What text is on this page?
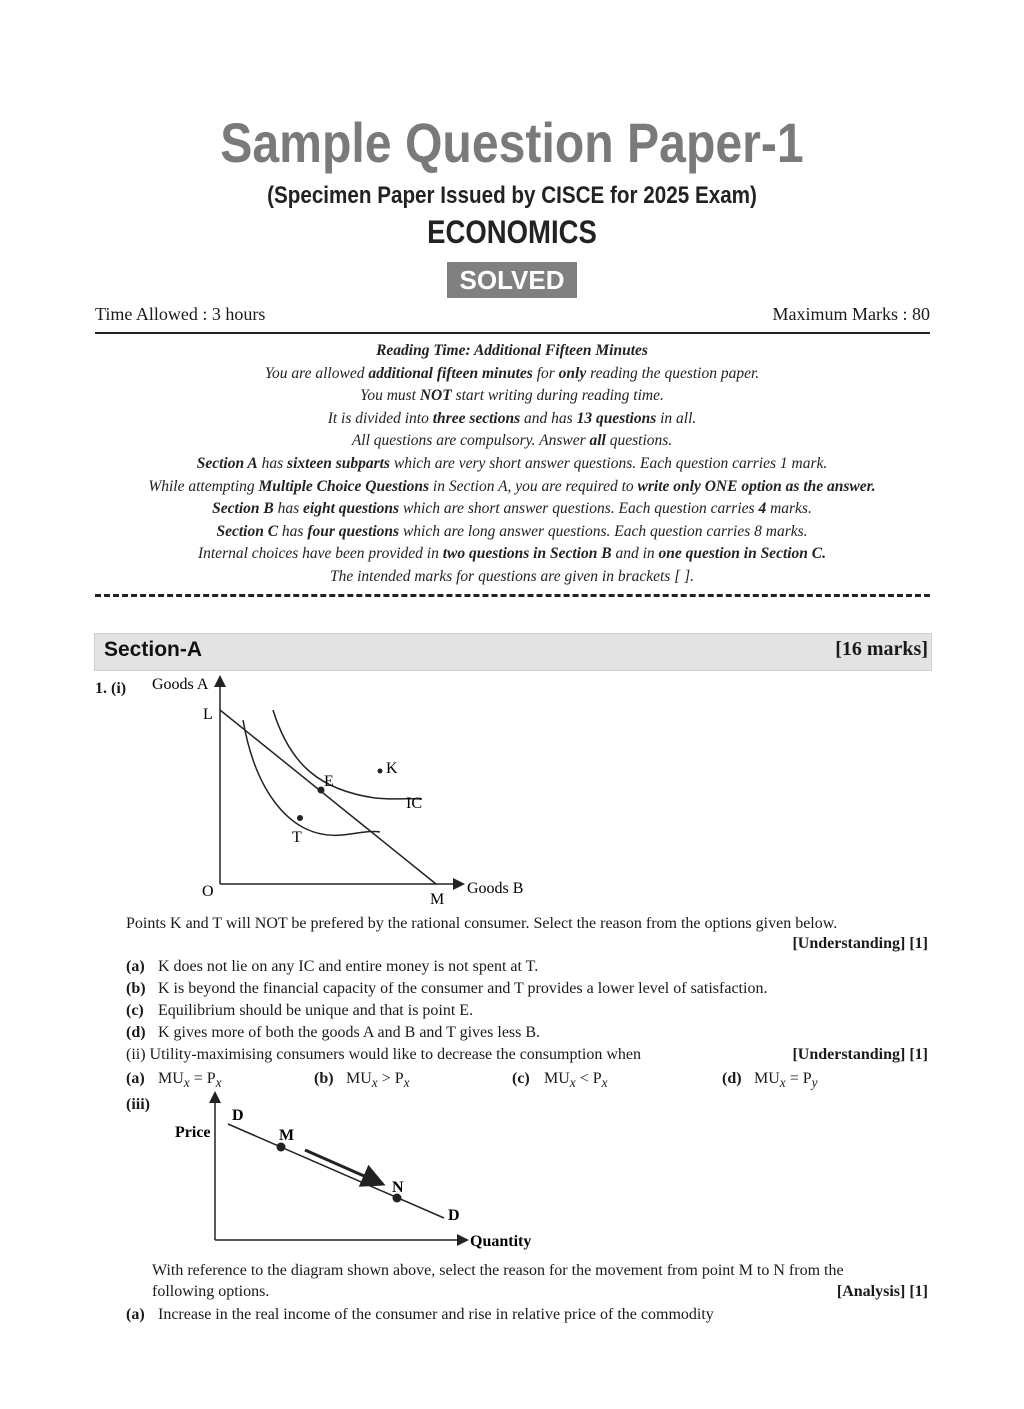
Sample Question Paper-1
(Specimen Paper Issued by CISCE for 2025 Exam)
ECONOMICS
SOLVED
Time Allowed : 3 hours	Maximum Marks : 80
Reading Time: Additional Fifteen Minutes
You are allowed additional fifteen minutes for only reading the question paper.
You must NOT start writing during reading time.
It is divided into three sections and has 13 questions in all.
All questions are compulsory. Answer all questions.
Section A has sixteen subparts which are very short answer questions. Each question carries 1 mark.
While attempting Multiple Choice Questions in Section A, you are required to write only ONE option as the answer.
Section B has eight questions which are short answer questions. Each question carries 4 marks.
Section C has four questions which are long answer questions. Each question carries 8 marks.
Internal choices have been provided in two questions in Section B and in one question in Section C.
The intended marks for questions are given in brackets [ ].
Section-A	[16 marks]
1. (i) Goods A
L
E
K
IC
T
O	M
Goods B
Points K and T will NOT be prefered by the rational consumer. Select the reason from the options given below.
[Understanding] [1]
(a) K does not lie on any IC and entire money is not spent at T.
(b) K is beyond the financial capacity of the consumer and T provides a lower level of satisfaction.
(c) Equilibrium should be unique and that is point E.
(d) K gives more of both the goods A and B and T gives less B.
(ii) Utility-maximising consumers would like to decrease the consumption when	[Understanding] [1]
(a) $MU_x = P_x$	(b) $MU_x > P_x$	(c) $MU_x < P_x$	(d) $MU_x = P_y$
(iii)
Price
D
M
N
D
Quantity
With reference to the diagram shown above, select the reason for the movement from point M to N from the
following options.	[Analysis] [1]
(a) Increase in the real income of the consumer and rise in relative price of the commodity
